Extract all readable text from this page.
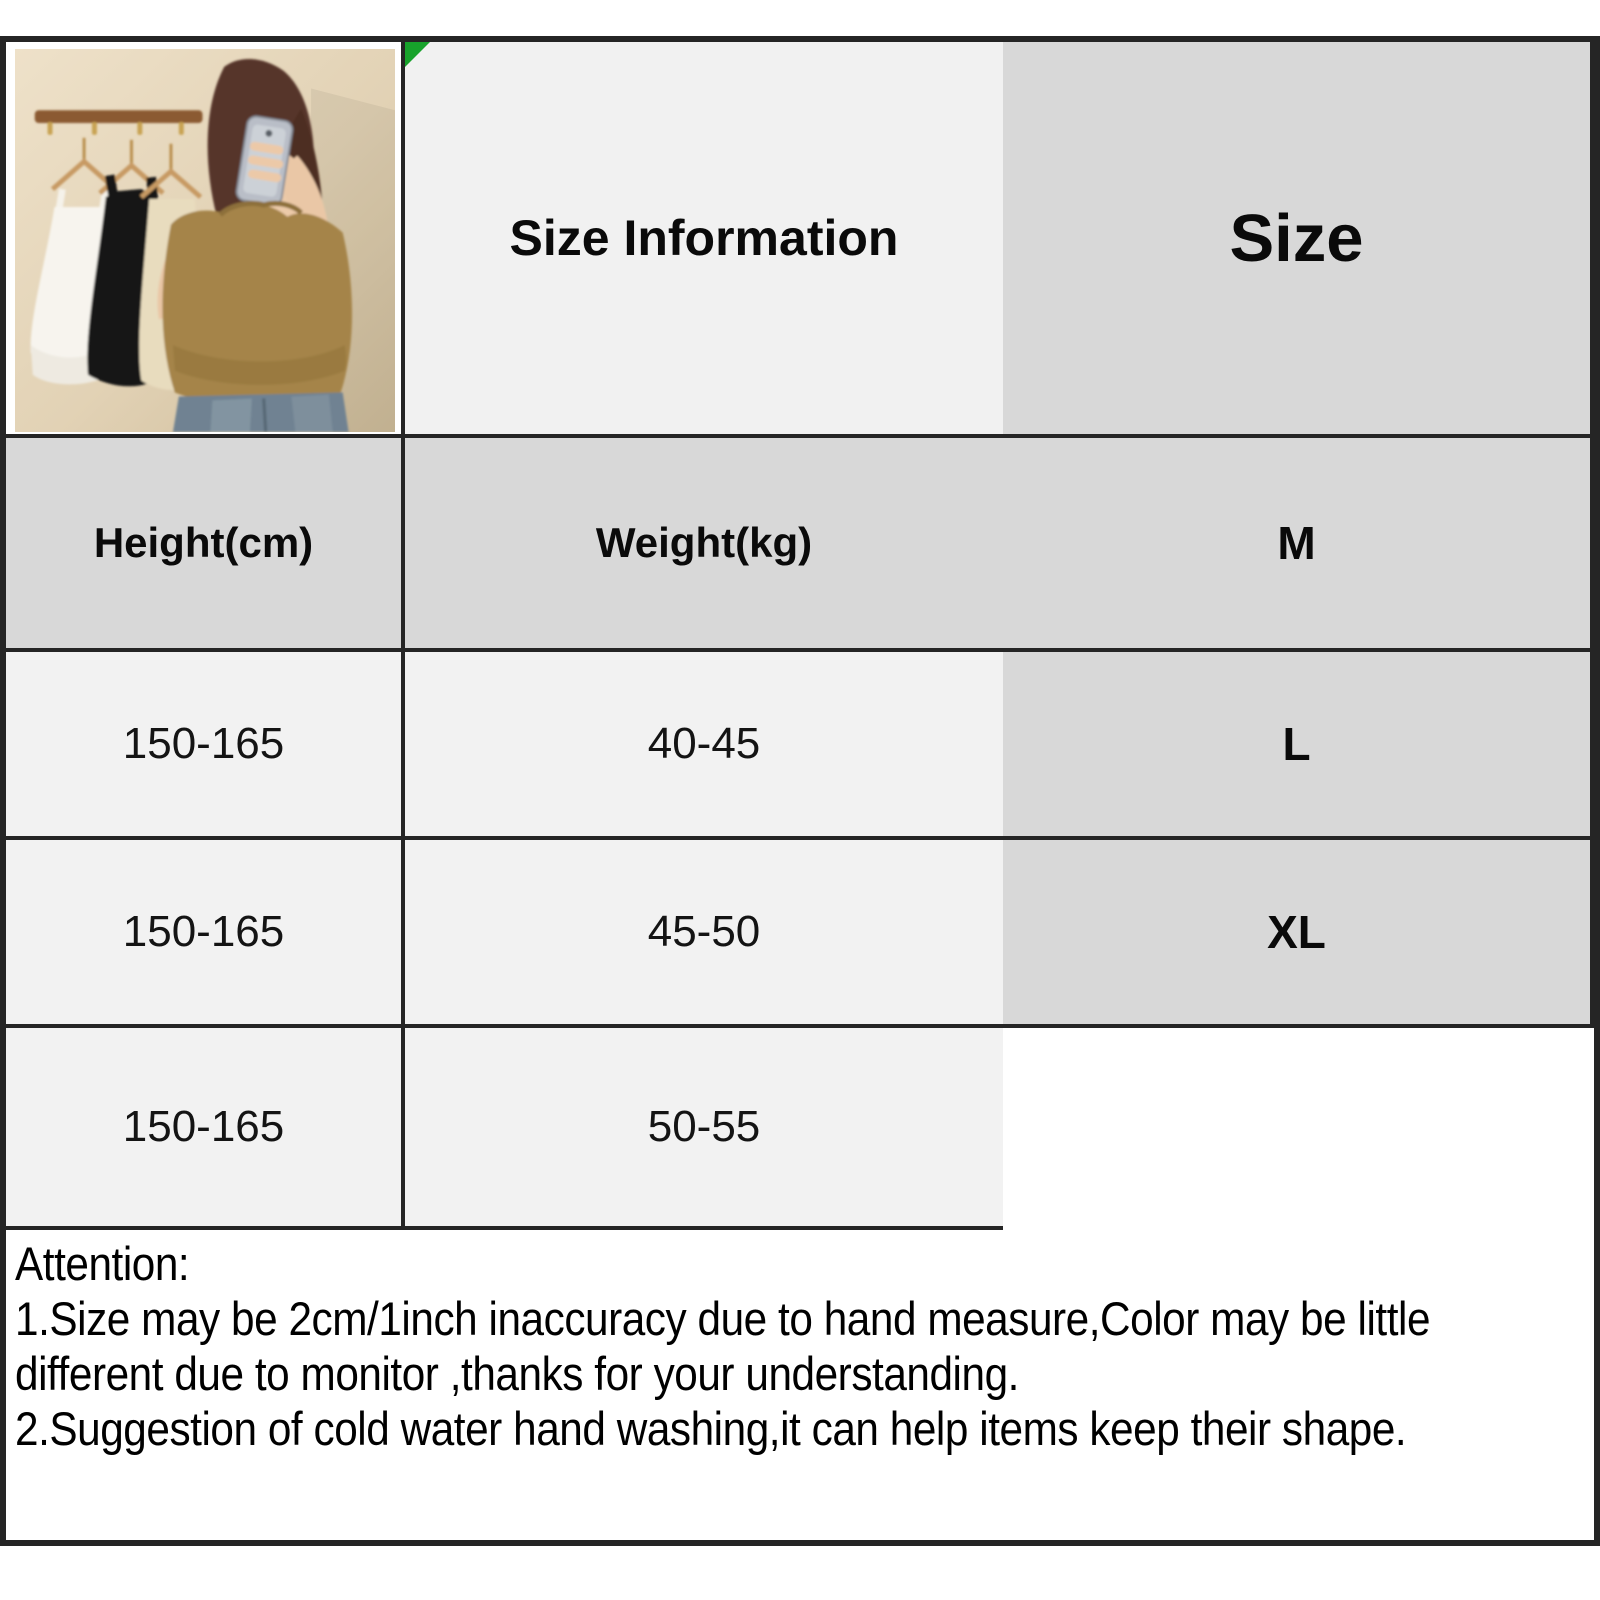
Size Information	Size
Height(cm)	Weight(kg)	M
150-165	40-45	L
150-165	45-50	XL
150-165	50-55
Attention:
1.Size may be 2cm/1inch inaccuracy due to hand measure,Color may be little
different due to monitor ,thanks for your understanding.
2.Suggestion of cold water hand washing,it can help items keep their shape.
